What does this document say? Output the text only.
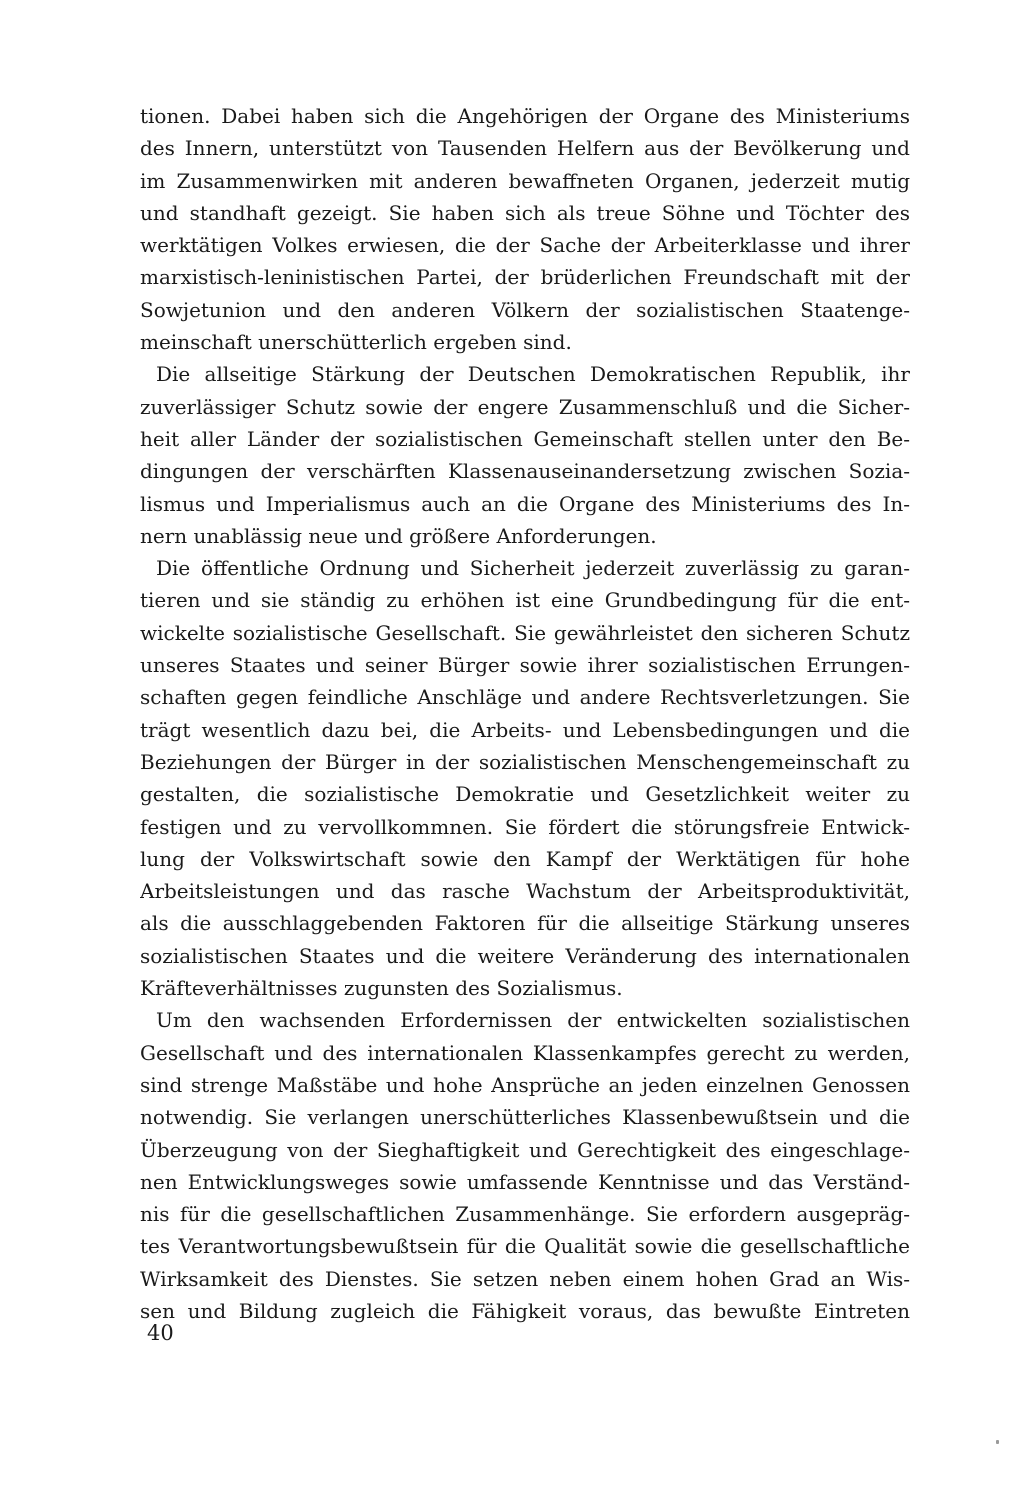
tionen. Dabei haben sich die Angehörigen der Organe des Ministeriums
des Innern, unterstützt von Tausenden Helfern aus der Bevölkerung und
im Zusammenwirken mit anderen bewaffneten Organen, jederzeit mutig
und standhaft gezeigt. Sie haben sich als treue Söhne und Töchter des
werktätigen Volkes erwiesen, die der Sache der Arbeiterklasse und ihrer
marxistisch-leninistischen Partei, der brüderlichen Freundschaft mit der
Sowjetunion und den anderen Völkern der sozialistischen Staatenge-
meinschaft unerschütterlich ergeben sind.
Die allseitige Stärkung der Deutschen Demokratischen Republik, ihr
zuverlässiger Schutz sowie der engere Zusammenschluß und die Sicher-
heit aller Länder der sozialistischen Gemeinschaft stellen unter den Be-
dingungen der verschärften Klassenauseinandersetzung zwischen Sozia-
lismus und Imperialismus auch an die Organe des Ministeriums des In-
nern unablässig neue und größere Anforderungen.
Die öffentliche Ordnung und Sicherheit jederzeit zuverlässig zu garan-
tieren und sie ständig zu erhöhen ist eine Grundbedingung für die ent-
wickelte sozialistische Gesellschaft. Sie gewährleistet den sicheren Schutz
unseres Staates und seiner Bürger sowie ihrer sozialistischen Errungen-
schaften gegen feindliche Anschläge und andere Rechtsverletzungen. Sie
trägt wesentlich dazu bei, die Arbeits- und Lebensbedingungen und die
Beziehungen der Bürger in der sozialistischen Menschengemeinschaft zu
gestalten, die sozialistische Demokratie und Gesetzlichkeit weiter zu
festigen und zu vervollkommnen. Sie fördert die störungsfreie Entwick-
lung der Volkswirtschaft sowie den Kampf der Werktätigen für hohe
Arbeitsleistungen und das rasche Wachstum der Arbeitsproduktivität,
als die ausschlaggebenden Faktoren für die allseitige Stärkung unseres
sozialistischen Staates und die weitere Veränderung des internationalen
Kräfteverhältnisses zugunsten des Sozialismus.
Um den wachsenden Erfordernissen der entwickelten sozialistischen
Gesellschaft und des internationalen Klassenkampfes gerecht zu werden,
sind strenge Maßstäbe und hohe Ansprüche an jeden einzelnen Genossen
notwendig. Sie verlangen unerschütterliches Klassenbewußtsein und die
Überzeugung von der Sieghaftigkeit und Gerechtigkeit des eingeschlage-
nen Entwicklungsweges sowie umfassende Kenntnisse und das Verständ-
nis für die gesellschaftlichen Zusammenhänge. Sie erfordern ausgepräg-
tes Verantwortungsbewußtsein für die Qualität sowie die gesellschaftliche
Wirksamkeit des Dienstes. Sie setzen neben einem hohen Grad an Wis-
sen und Bildung zugleich die Fähigkeit voraus, das bewußte Eintreten
40
